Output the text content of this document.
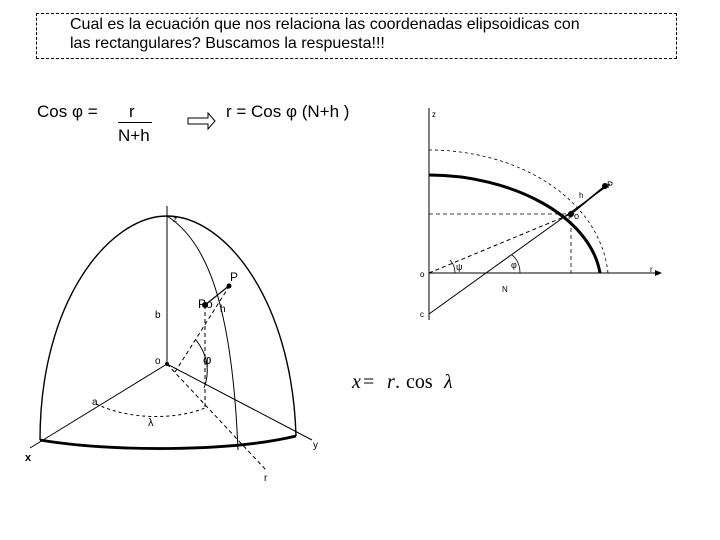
Cual es la ecuación que nos relaciona las coordenadas elipsoidicas con
las rectangulares? Buscamos la respuesta!!!
Cos φ = r
N+h
z
P
Po h
b
o
a
φ
λ
x
y
r
z
P
Po
h
o
c
r
N
ψ	φ
x = r . cos λ
r = Cos φ (N+h )
